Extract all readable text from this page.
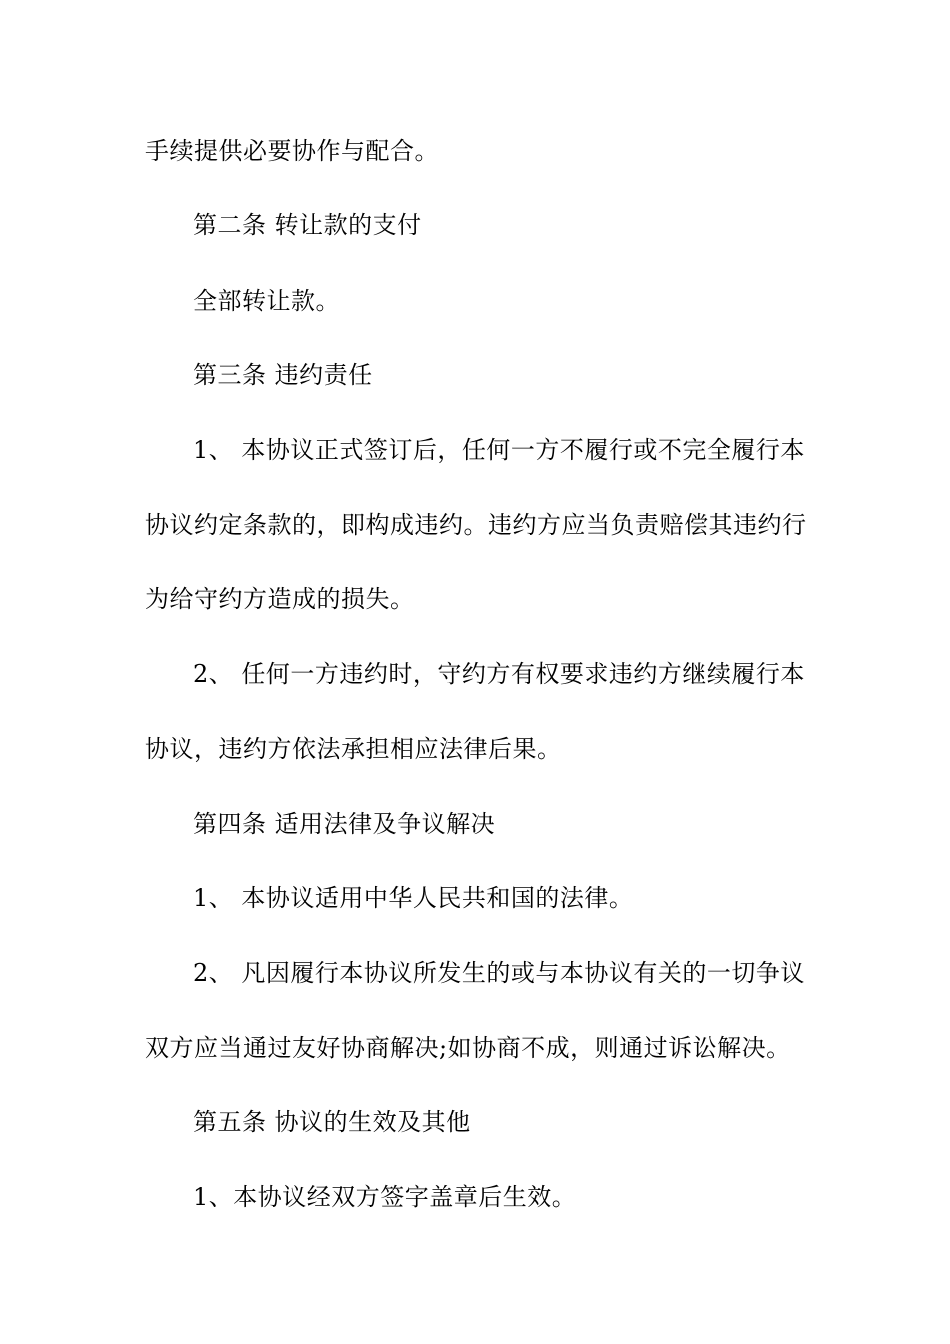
手续提供必要协作与配合。
第二条 转让款的支付
全部转让款。
第三条 违约责任
1、 本协议正式签订后，任何一方不履行或不完全履行本
协议约定条款的，即构成违约。违约方应当负责赔偿其违约行
为给守约方造成的损失。
2、 任何一方违约时，守约方有权要求违约方继续履行本
协议，违约方依法承担相应法律后果。
第四条 适用法律及争议解决
1、 本协议适用中华人民共和国的法律。
2、 凡因履行本协议所发生的或与本协议有关的一切争议
双方应当通过友好协商解决;如协商不成，则通过诉讼解决。
第五条 协议的生效及其他
1、本协议经双方签字盖章后生效。
